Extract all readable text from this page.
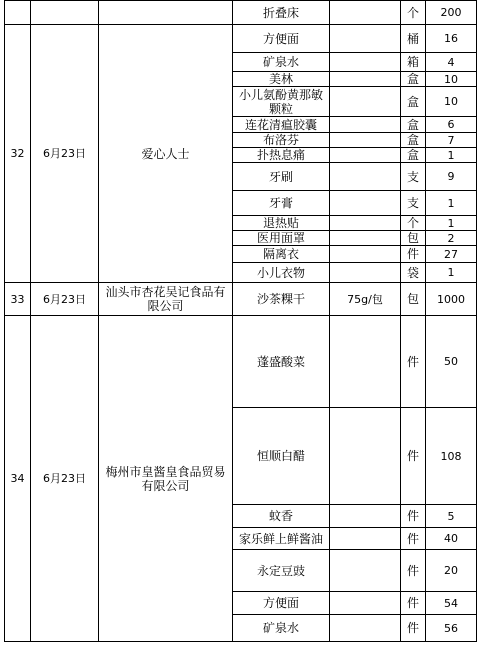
			折叠床		个	200
32	6月23日	爱心人士	方便面		桶	16
			矿泉水		箱	4
			美林		盒	10
			小儿氨酚黄那敏颗粒		盒	10
			连花清瘟胶囊		盒	6
			布洛芬		盒	7
			扑热息痛		盒	1
			牙刷		支	9
			牙膏		支	1
			退热贴		个	1
			医用面罩		包	2
			隔离衣		件	27
			小儿衣物		袋	1
33	6月23日	汕头市杏花吴记食品有限公司	沙茶粿干	75g/包	包	1000
34	6月23日	梅州市皇酱皇食品贸易有限公司	蓬盛酸菜		件	50
			恒顺白醋		件	108
			蚊香		件	5
			家乐鲜上鲜酱油		件	40
			永定豆豉		件	20
			方便面		件	54
			矿泉水		件	56
